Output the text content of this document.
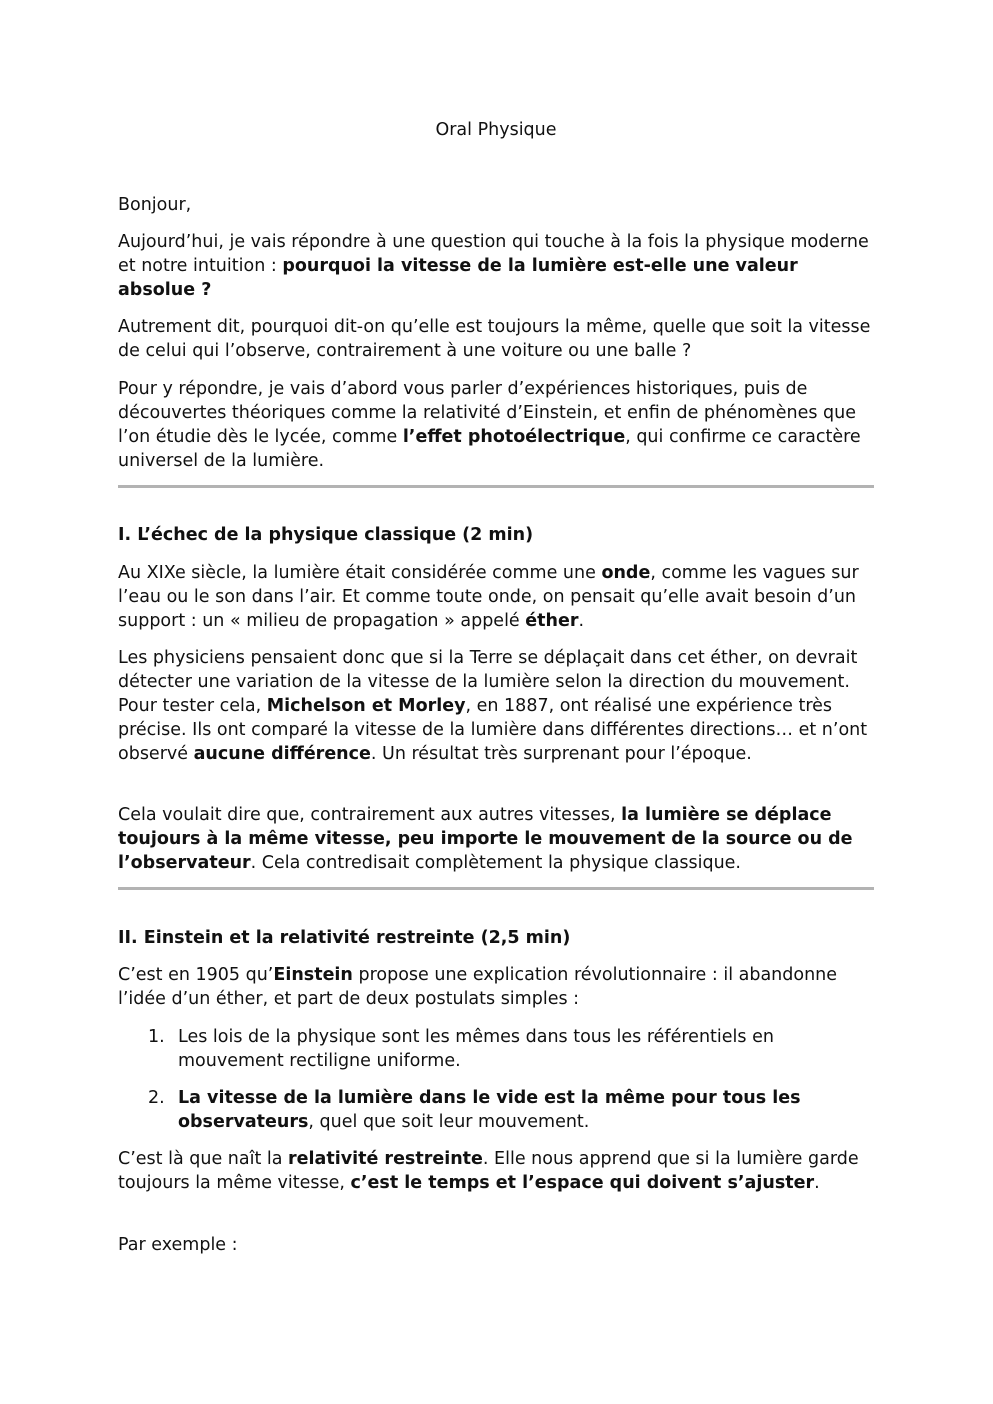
Oral Physique

Bonjour,

Aujourd’hui, je vais répondre à une question qui touche à la fois la physique moderne et notre intuition : pourquoi la vitesse de la lumière est-elle une valeur absolue ?

Autrement dit, pourquoi dit-on qu’elle est toujours la même, quelle que soit la vitesse de celui qui l’observe, contrairement à une voiture ou une balle ?

Pour y répondre, je vais d’abord vous parler d’expériences historiques, puis de découvertes théoriques comme la relativité d’Einstein, et enfin de phénomènes que l’on étudie dès le lycée, comme l’effet photoélectrique, qui confirme ce caractère universel de la lumière.

I. L’échec de la physique classique (2 min)

Au XIXe siècle, la lumière était considérée comme une onde, comme les vagues sur l’eau ou le son dans l’air. Et comme toute onde, on pensait qu’elle avait besoin d’un support : un « milieu de propagation » appelé éther.

Les physiciens pensaient donc que si la Terre se déplaçait dans cet éther, on devrait détecter une variation de la vitesse de la lumière selon la direction du mouvement. Pour tester cela, Michelson et Morley, en 1887, ont réalisé une expérience très précise. Ils ont comparé la vitesse de la lumière dans différentes directions… et n’ont observé aucune différence. Un résultat très surprenant pour l’époque.

Cela voulait dire que, contrairement aux autres vitesses, la lumière se déplace toujours à la même vitesse, peu importe le mouvement de la source ou de l’observateur. Cela contredisait complètement la physique classique.

II. Einstein et la relativité restreinte (2,5 min)

C’est en 1905 qu’Einstein propose une explication révolutionnaire : il abandonne l’idée d’un éther, et part de deux postulats simples :

1. Les lois de la physique sont les mêmes dans tous les référentiels en mouvement rectiligne uniforme.
2. La vitesse de la lumière dans le vide est la même pour tous les observateurs, quel que soit leur mouvement.

C’est là que naît la relativité restreinte. Elle nous apprend que si la lumière garde toujours la même vitesse, c’est le temps et l’espace qui doivent s’ajuster.

Par exemple :
